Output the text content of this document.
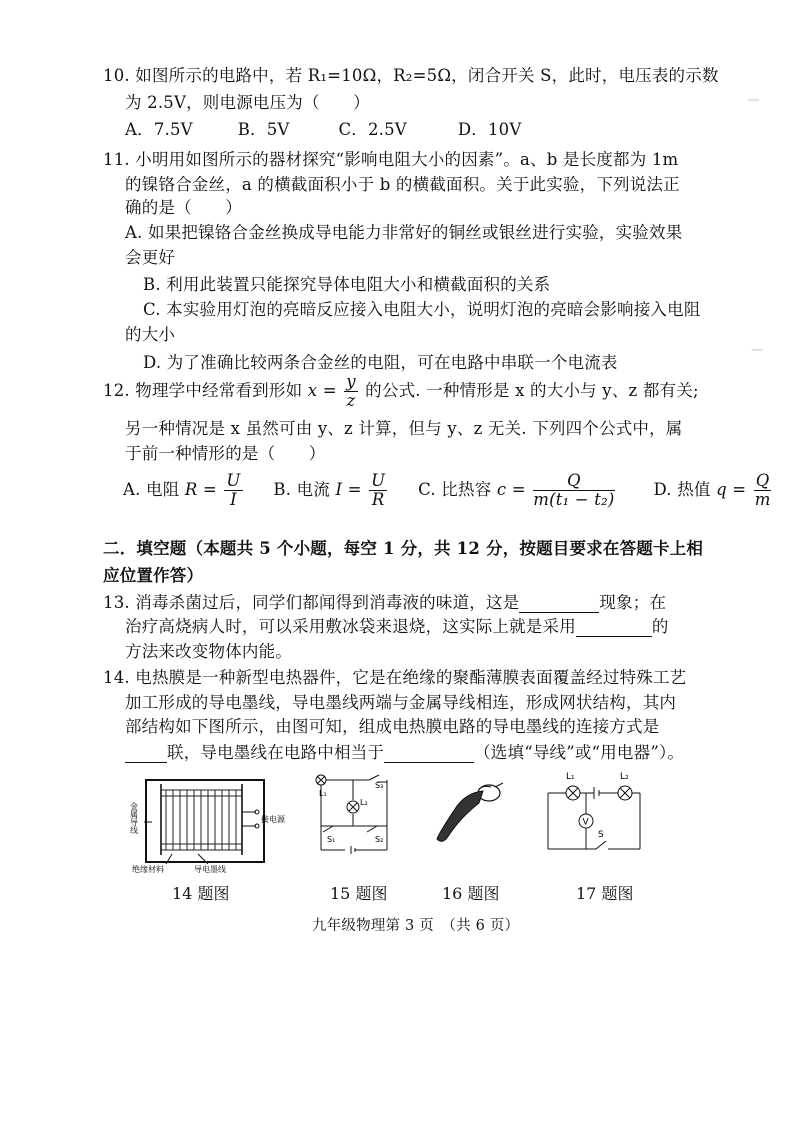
10. 如图所示的电路中，若 R₁=10Ω，R₂=5Ω，闭合开关 S，此时，电压表的示数
为 2.5V，则电源电压为（　　）
A．7.5V	B．5V	C．2.5V	D．10V
11. 小明用如图所示的器材探究“影响电阻大小的因素”。a、b 是长度都为 1m
的镍铬合金丝，a 的横截面积小于 b 的横截面积。关于此实验，下列说法正
确的是（　　）
A. 如果把镍铬合金丝换成导电能力非常好的铜丝或银丝进行实验，实验效果
会更好
B. 利用此装置只能探究导体电阻大小和横截面积的关系
C. 本实验用灯泡的亮暗反应接入电阻大小，说明灯泡的亮暗会影响接入电阻
的大小
D. 为了准确比较两条合金丝的电阻，可在电路中串联一个电流表
12. 物理学中经常看到形如 $x = \frac{y}{z}$ 的公式. 一种情形是 x 的大小与 y、z 都有关;
另一种情况是 x 虽然可由 y、z 计算，但与 y、z 无关. 下列四个公式中，属
于前一种情形的是（　　）
A. 电阻 $R = \frac{U}{I} B$. 电流 $I = \frac{U}{R} C$. 比热容 $c = \frac{Q}{\text{m(t₁ − t₂)}} D$. 热值 $q = \frac{Q}{m}$
二．填空题（本题共 5 个小题，每空 1 分，共 12 分，按题目要求在答题卡上相
应位置作答）
13. 消毒杀菌过后，同学们都闻得到消毒液的味道，这是	现象；在
治疗高烧病人时，可以采用敷冰袋来退烧，这实际上就是采用	的
方法来改变物体内能。
14. 电热膜是一种新型电热器件，它是在绝缘的聚酯薄膜表面覆盖经过特殊工艺
加工形成的导电墨线，导电墨线两端与金属导线相连，形成网状结构，其内
部结构如下图所示，由图可知，组成电热膜电路的导电墨线的连接方式是
联，导电墨线在电路中相当于	（选填“导线”或“用电器”）。
▔
▔
金属导线	接电源
绝缘材料	导电墨线
14 题图
L₁
L₂
S₃
S₁	S₂
15 题图	16 题图
V
L₁	L₂
S
17 题图
九年级物理第 3 页　（共 6 页）
